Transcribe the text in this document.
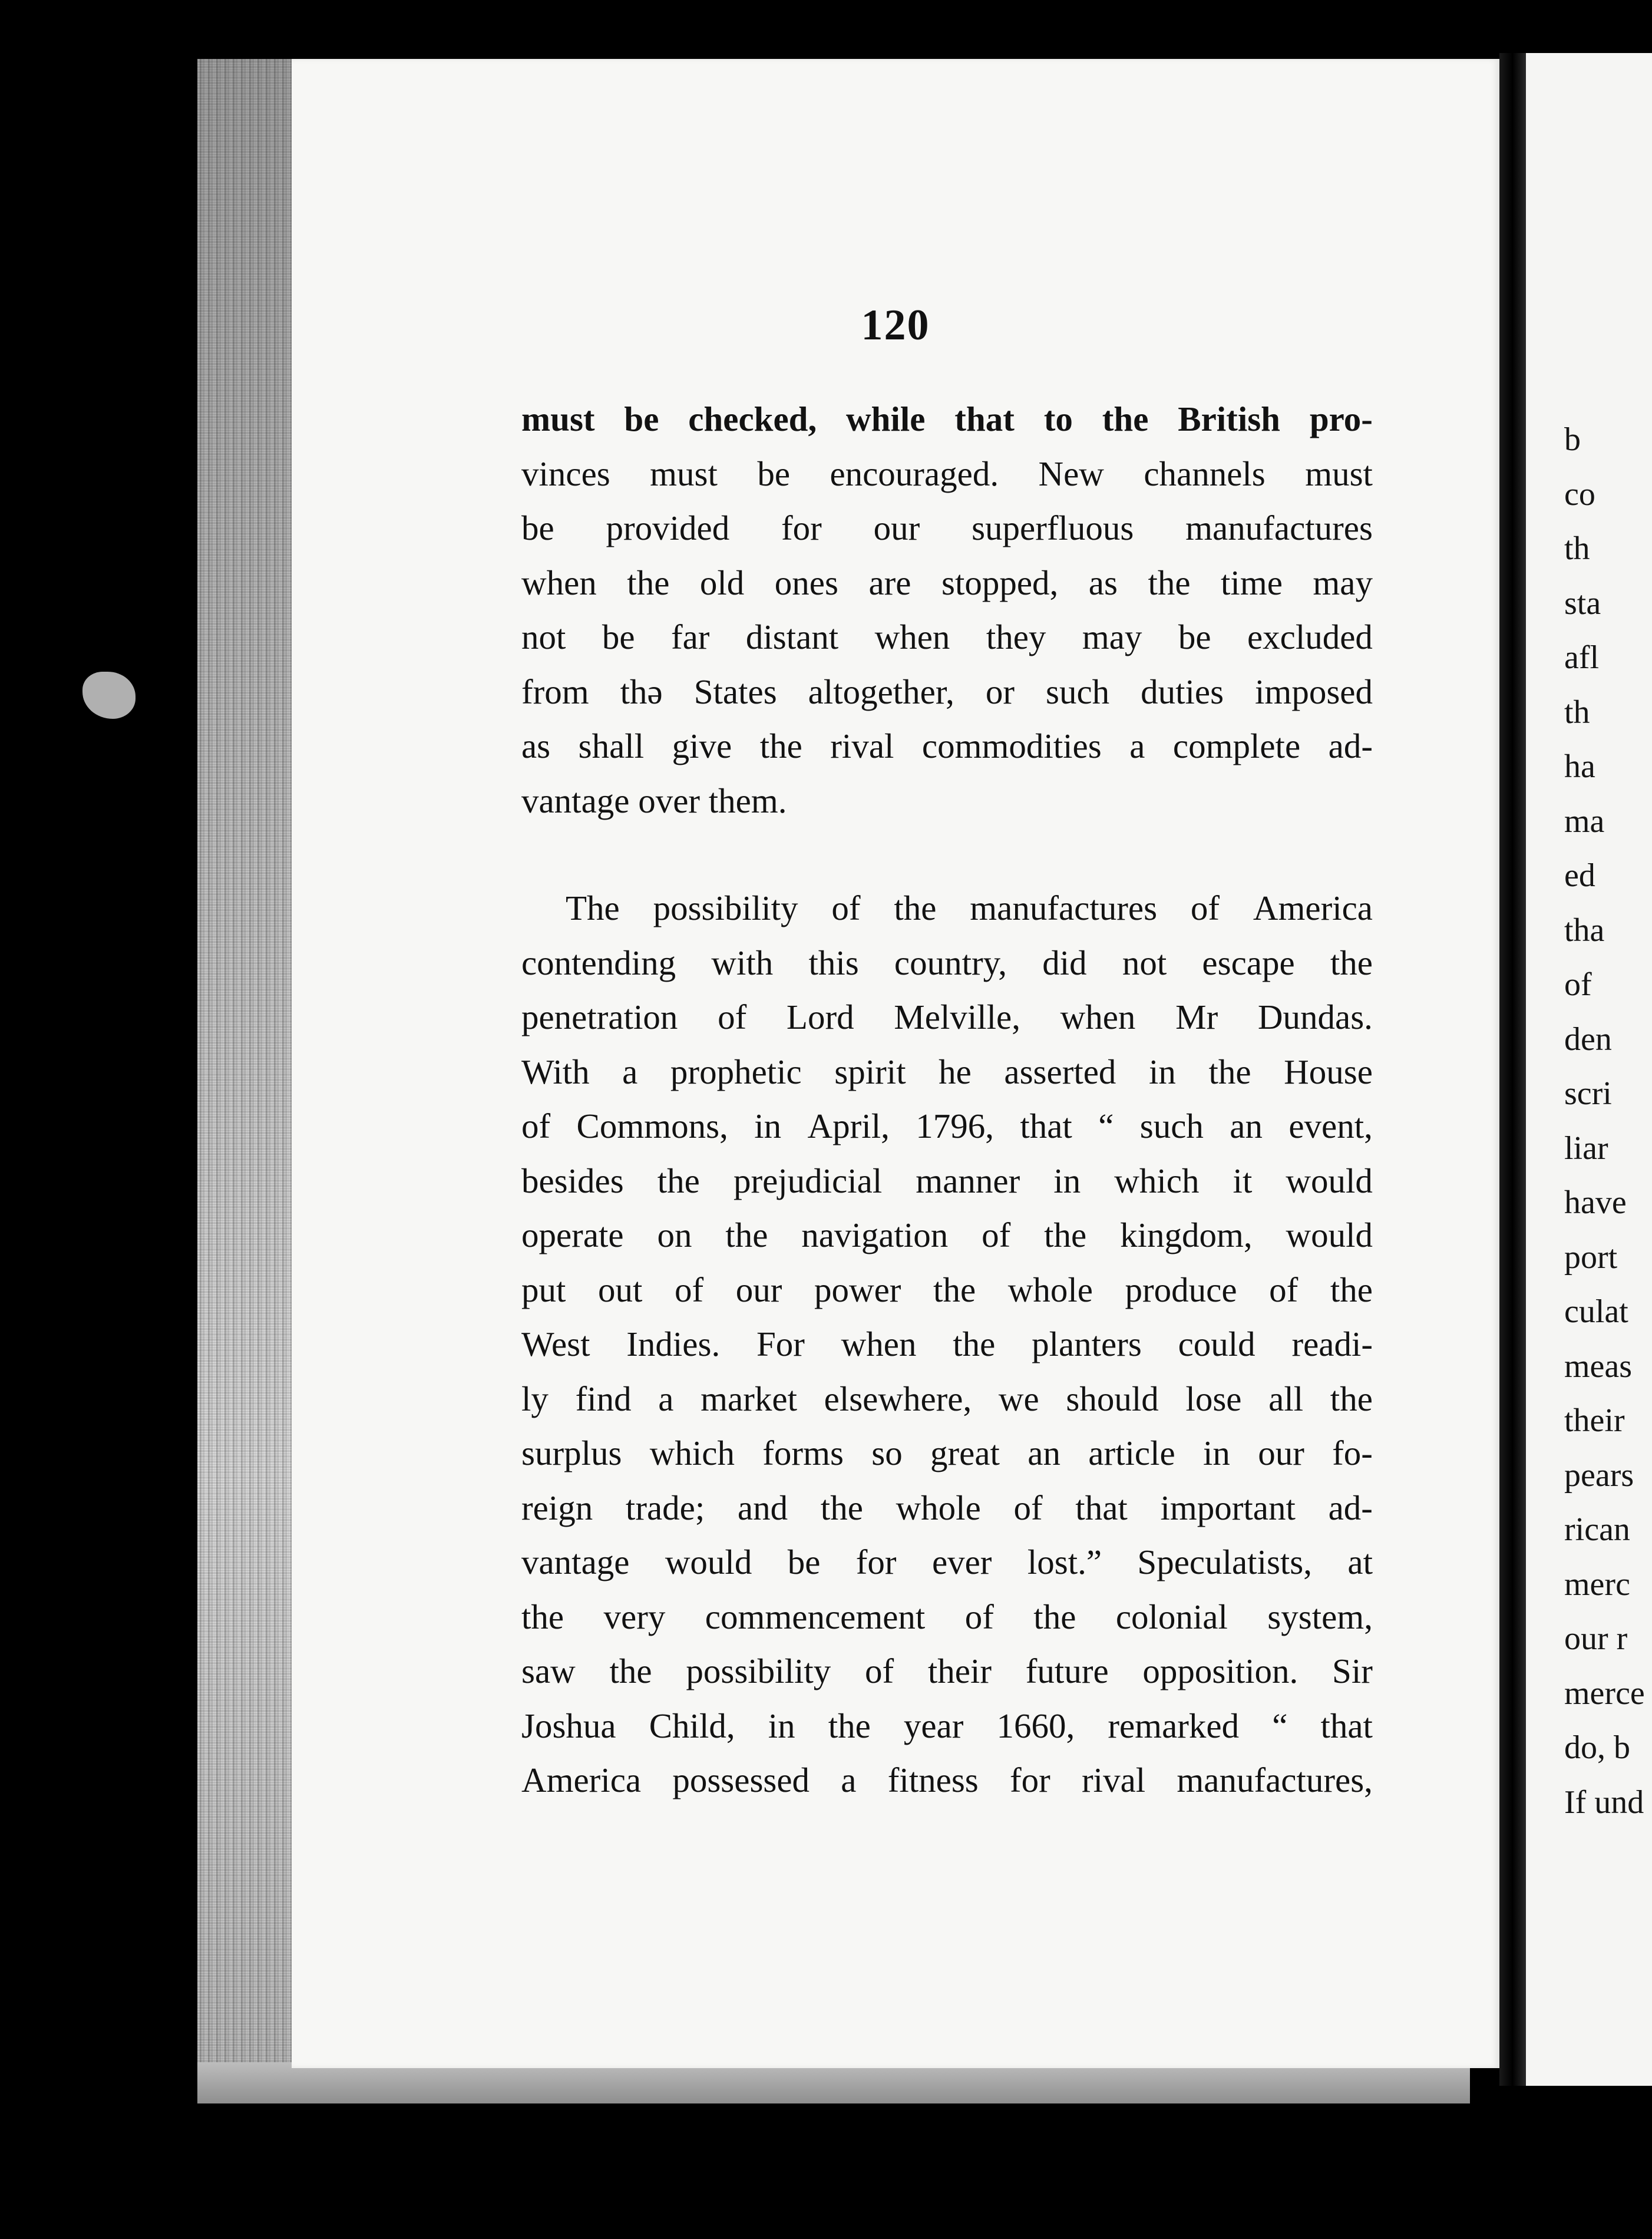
120
must be checked, while that to the British pro-
vinces must be encouraged. New channels must
be provided for our superfluous manufactures
when the old ones are stopped, as the time may
not be far distant when they may be excluded
from thə States altogether, or such duties imposed
as shall give the rival commodities a complete ad-
vantage over them.
The possibility of the manufactures of America
contending with this country, did not escape the
penetration of Lord Melville, when Mr Dundas.
With a prophetic spirit he asserted in the House
of Commons, in April, 1796, that “ such an event,
besides the prejudicial manner in which it would
operate on the navigation of the kingdom, would
put out of our power the whole produce of the
West Indies. For when the planters could readi-
ly find a market elsewhere, we should lose all the
surplus which forms so great an article in our fo-
reign trade; and the whole of that important ad-
vantage would be for ever lost.” Speculatists, at
the very commencement of the colonial system,
saw the possibility of their future opposition. Sir
Joshua Child, in the year 1660, remarked “ that
America possessed a fitness for rival manufactures,
b
co
th
sta
afl
th
ha
ma
ed
tha
of
den
scri
liar
have
port
culat
meas
their
pears
rican
merc
our r
merce
do, b
If und
